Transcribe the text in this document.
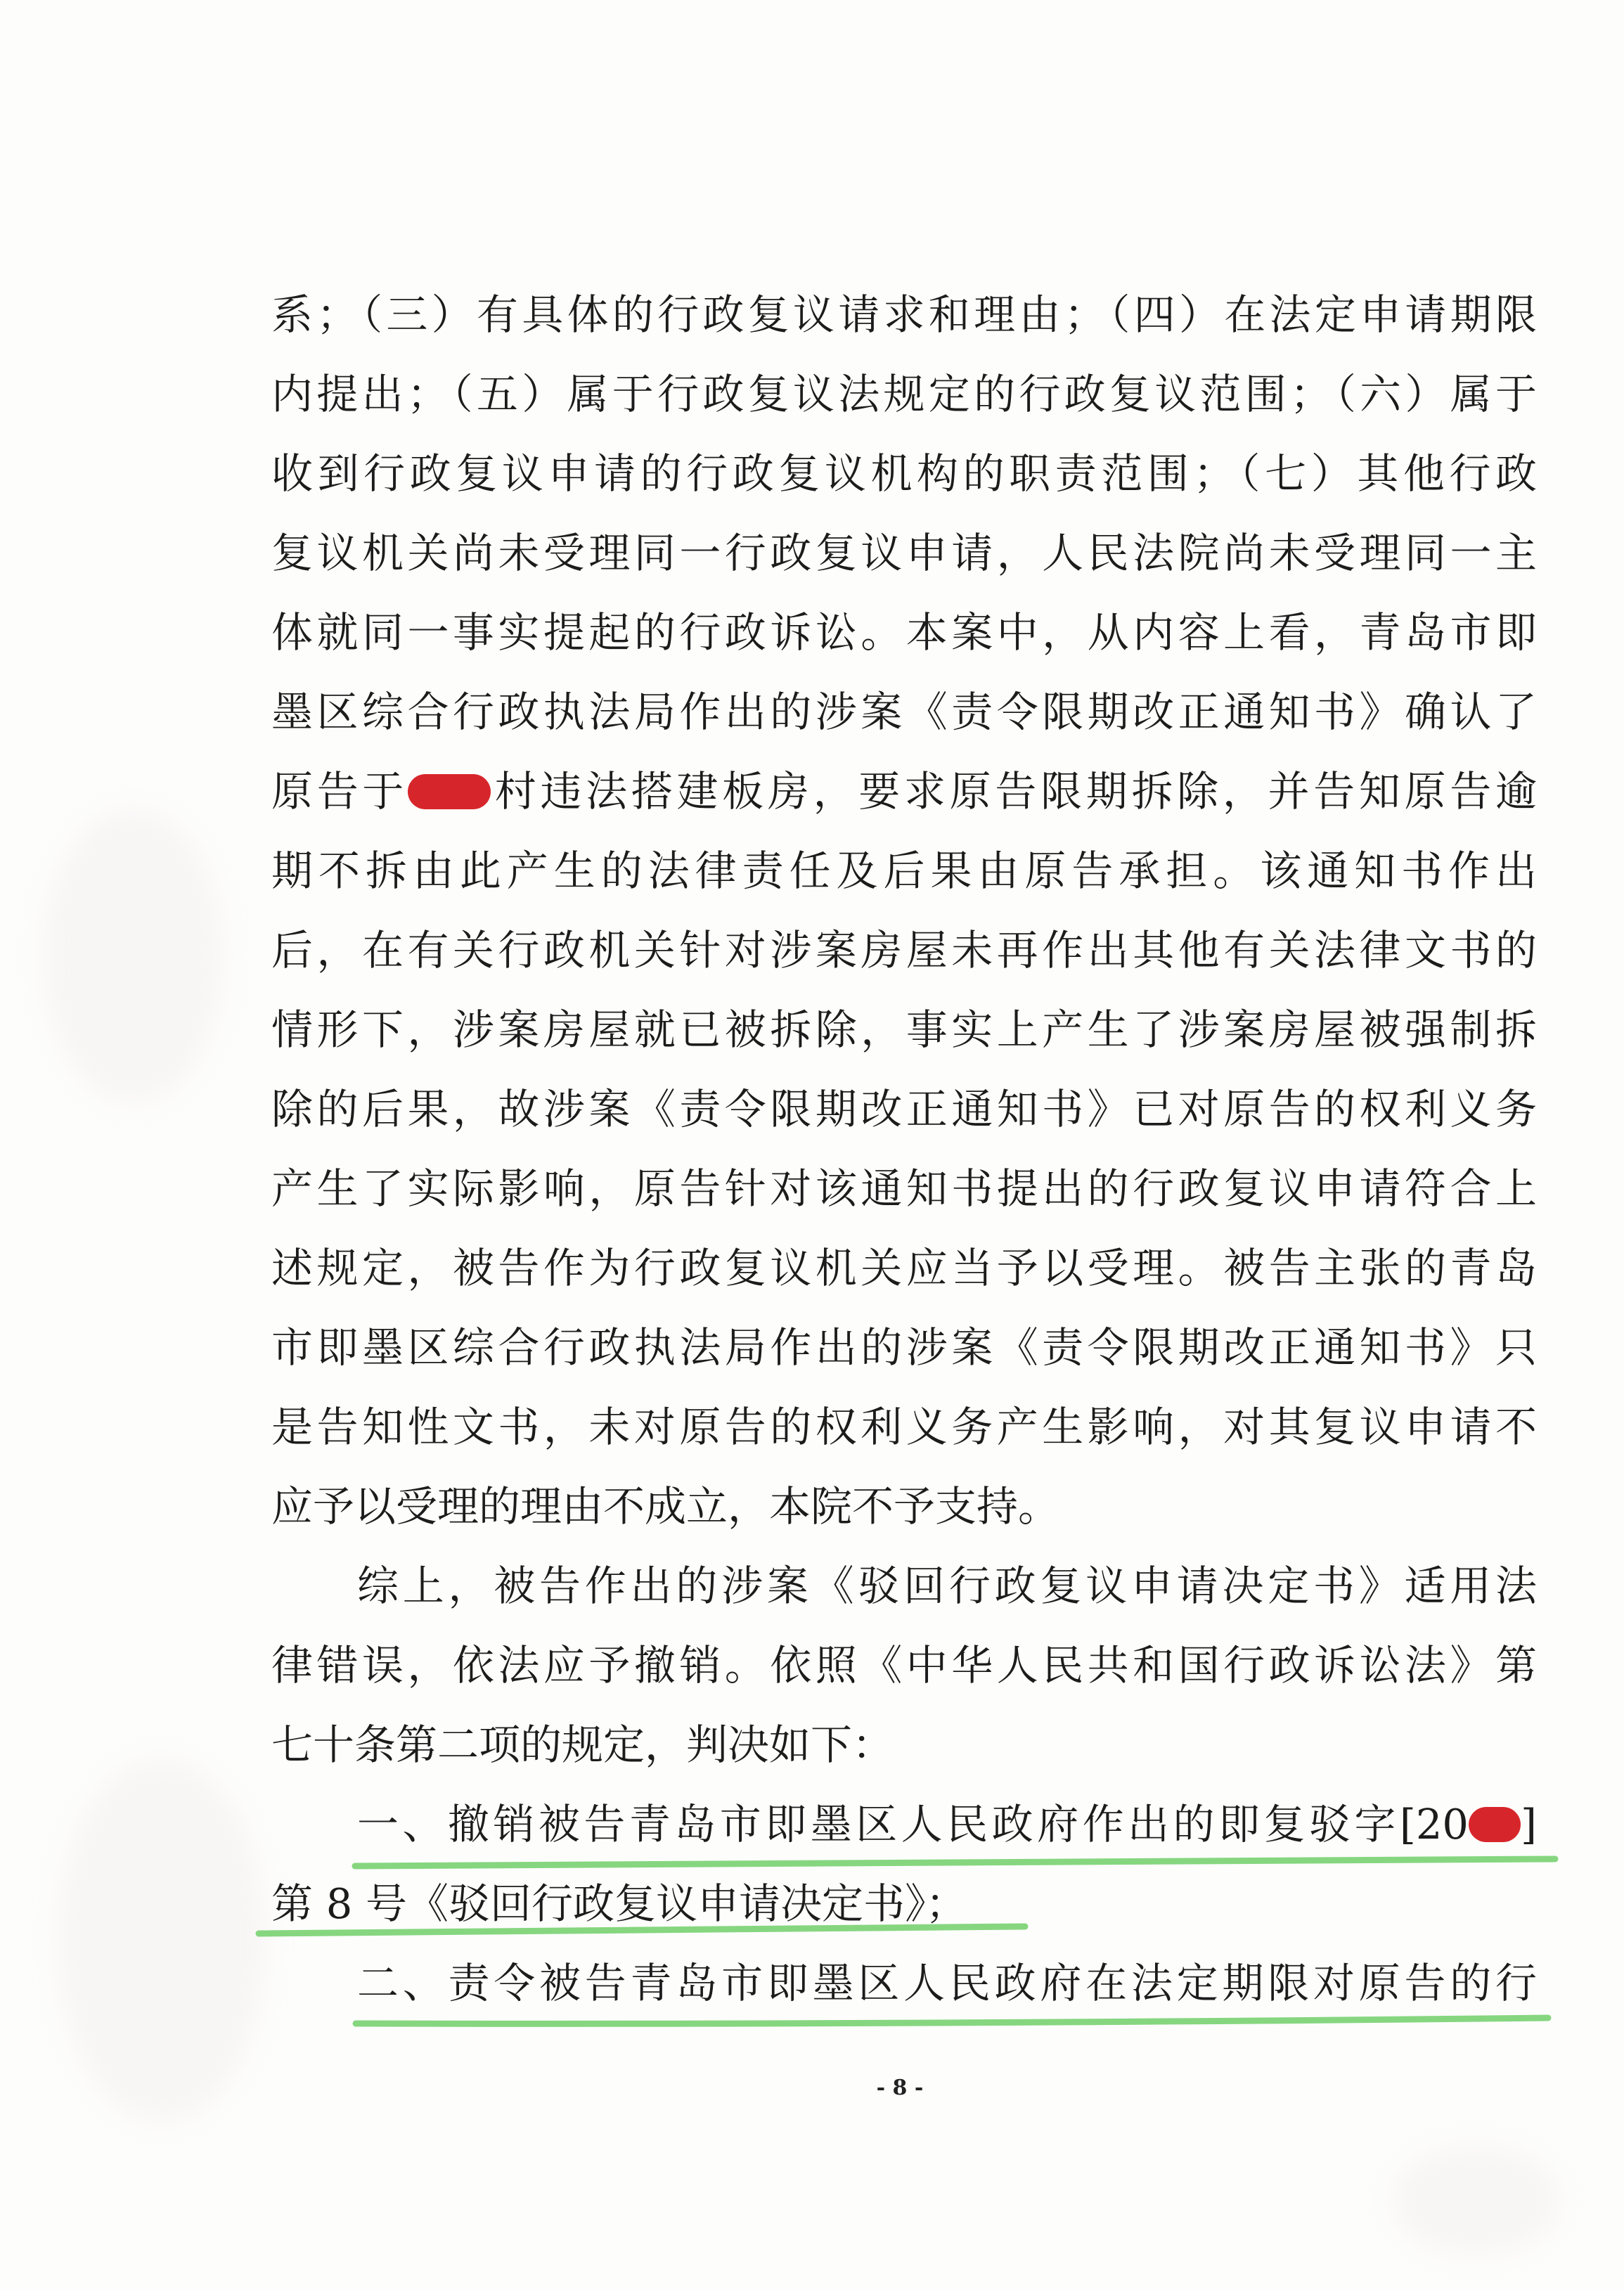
系；（三）有具体的行政复议请求和理由；（四）在法定申请期限
内提出；（五）属于行政复议法规定的行政复议范围；（六）属于
收到行政复议申请的行政复议机构的职责范围；（七）其他行政
复议机关尚未受理同一行政复议申请，人民法院尚未受理同一主
体就同一事实提起的行政诉讼。本案中，从内容上看，青岛市即
墨区综合行政执法局作出的涉案《责令限期改正通知书》确认了
原告于 村违法搭建板房，要求原告限期拆除，并告知原告逾
期不拆由此产生的法律责任及后果由原告承担。该通知书作出
后，在有关行政机关针对涉案房屋未再作出其他有关法律文书的
情形下，涉案房屋就已被拆除，事实上产生了涉案房屋被强制拆
除的后果，故涉案《责令限期改正通知书》已对原告的权利义务
产生了实际影响，原告针对该通知书提出的行政复议申请符合上
述规定，被告作为行政复议机关应当予以受理。被告主张的青岛
市即墨区综合行政执法局作出的涉案《责令限期改正通知书》只
是告知性文书，未对原告的权利义务产生影响，对其复议申请不
应予以受理的理由不成立，本院不予支持。
综上，被告作出的涉案《驳回行政复议申请决定书》适用法
律错误，依法应予撤销。依照《中华人民共和国行政诉讼法》第
七十条第二项的规定，判决如下：
一、撤销被告青岛市即墨区人民政府作出的即复驳字[20 ]
第 8 号《驳回行政复议申请决定书》；
二、责令被告青岛市即墨区人民政府在法定期限对原告的行
- 8 -
